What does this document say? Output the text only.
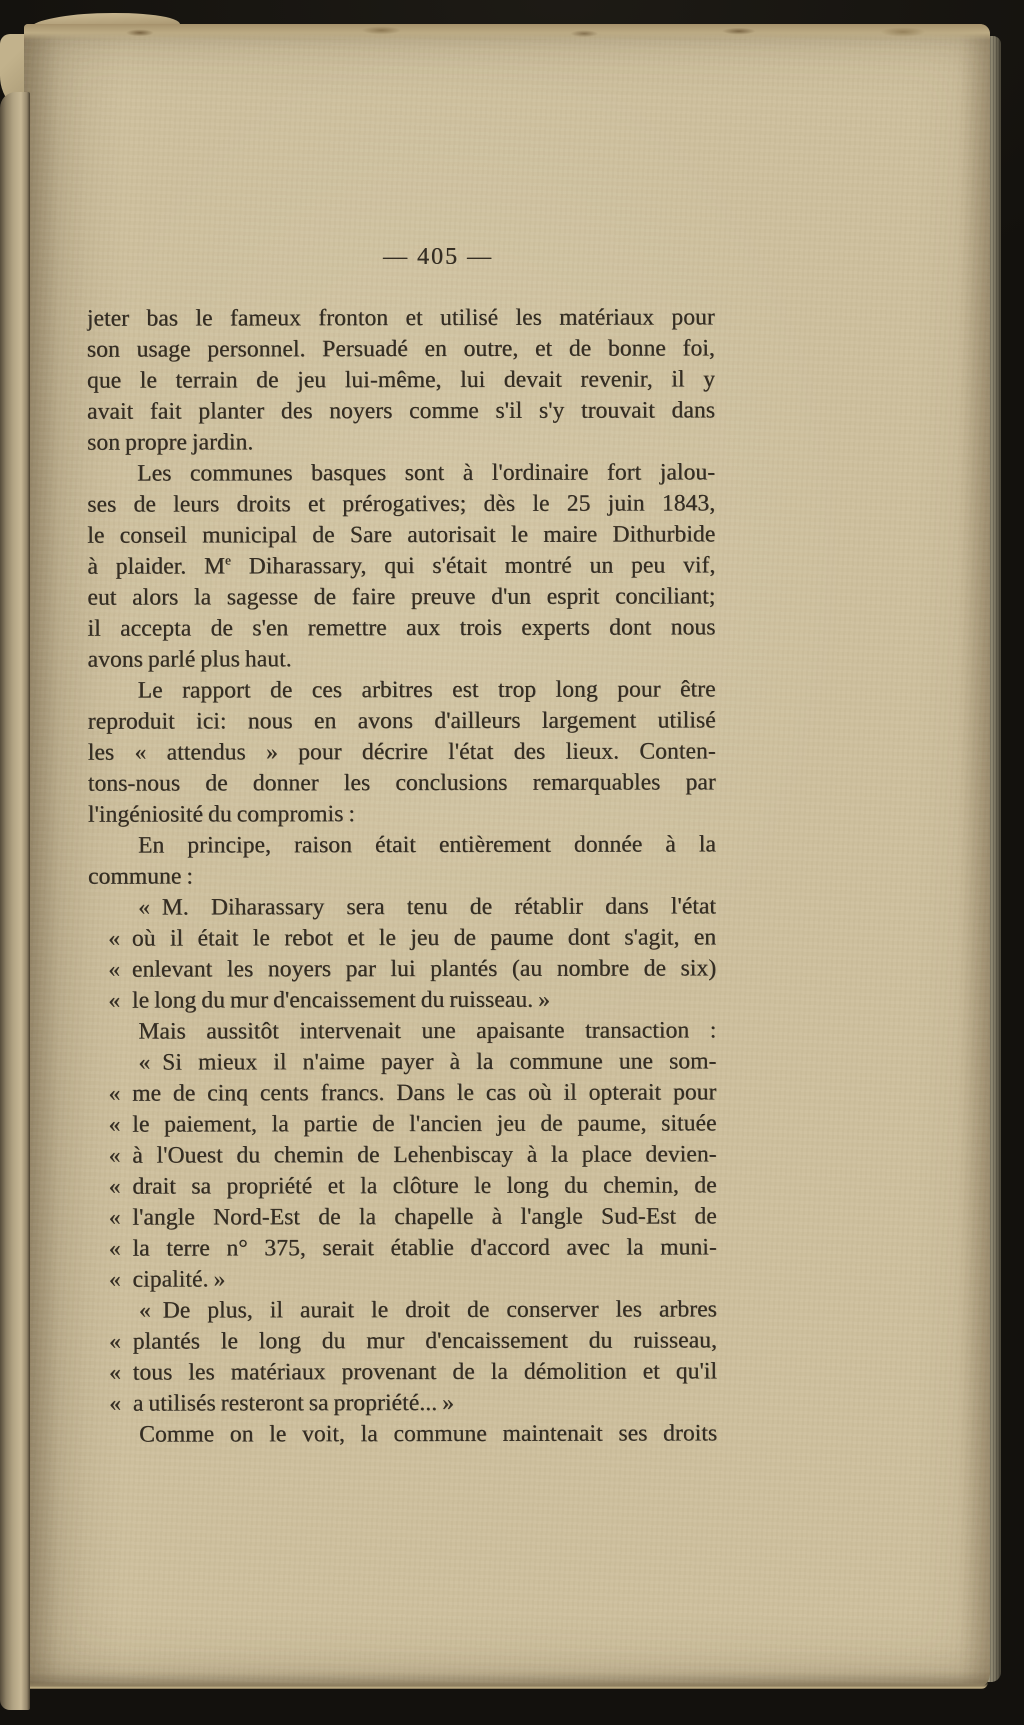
— 405 —
jeter bas le fameux fronton et utilisé les matériaux pour
son usage personnel. Persuadé en outre, et de bonne foi,
que le terrain de jeu lui-même, lui devait revenir, il y
avait fait planter des noyers comme s'il s'y trouvait dans
son propre jardin.
Les communes basques sont à l'ordinaire fort jalou-
ses de leurs droits et prérogatives; dès le 25 juin 1843,
le conseil municipal de Sare autorisait le maire Dithurbide
à plaider. Me Diharassary, qui s'était montré un peu vif,
eut alors la sagesse de faire preuve d'un esprit conciliant;
il accepta de s'en remettre aux trois experts dont nous
avons parlé plus haut.
Le rapport de ces arbitres est trop long pour être
reproduit ici: nous en avons d'ailleurs largement utilisé
les « attendus » pour décrire l'état des lieux. Conten-
tons-nous de donner les conclusions remarquables par
l'ingéniosité du compromis :
En principe, raison était entièrement donnée à la
commune :
« M. Diharassary sera tenu de rétablir dans l'état
« où il était le rebot et le jeu de paume dont s'agit, en
« enlevant les noyers par lui plantés (au nombre de six)
« le long du mur d'encaissement du ruisseau. »
Mais aussitôt intervenait une apaisante transaction :
« Si mieux il n'aime payer à la commune une som-
« me de cinq cents francs. Dans le cas où il opterait pour
« le paiement, la partie de l'ancien jeu de paume, située
« à l'Ouest du chemin de Lehenbiscay à la place devien-
« drait sa propriété et la clôture le long du chemin, de
« l'angle Nord-Est de la chapelle à l'angle Sud-Est de
« la terre n° 375, serait établie d'accord avec la muni-
« cipalité. »
« De plus, il aurait le droit de conserver les arbres
« plantés le long du mur d'encaissement du ruisseau,
« tous les matériaux provenant de la démolition et qu'il
« a utilisés resteront sa propriété... »
Comme on le voit, la commune maintenait ses droits
